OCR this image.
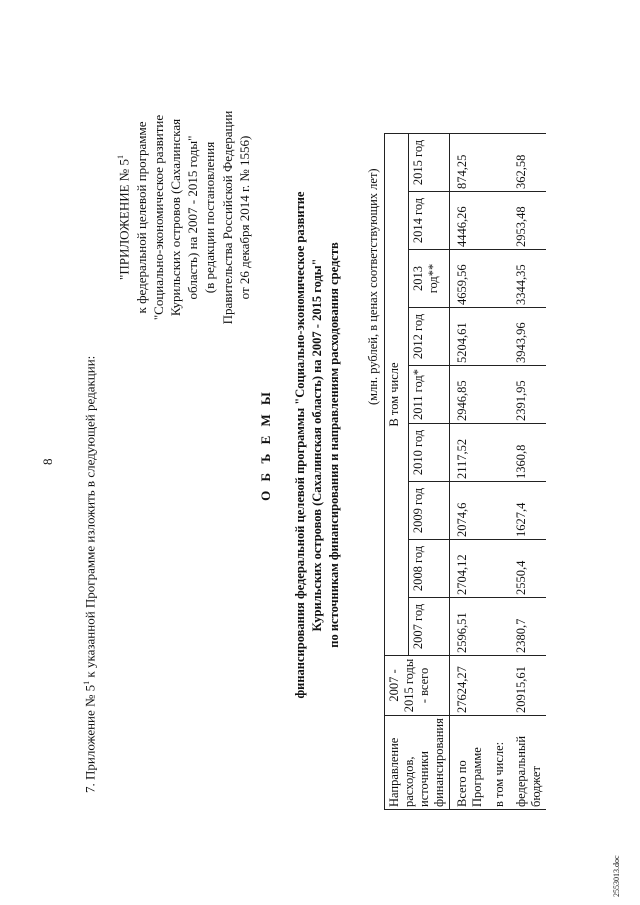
8
7. Приложение № $5^1$ к указанной Программе изложить в следующей редакции:
"ПРИЛОЖЕНИЕ № $5^1$ к федеральной целевой программе "Социально-экономическое развитие Курильских островов (Сахалинская область) на 2007 - 2015 годы" (в редакции постановления Правительства Российской Федерации от 26 декабря 2014 г. № 1556)
О Б Ъ Е М Ы финансирования федеральной целевой программы "Социально-экономическое развитие Курильских островов (Сахалинская область) на 2007 - 2015 годы" по источникам финансирования и направлениям расходования средств (млн. рублей, в ценах соответствующих лет)
Направление расходов, источники финансирования	2007 - 2015 годы - всего	В том числе								
		2007 год	2008 год	2009 год	2010 год	2011 год*	2012 год	2013 год**	2014 год	2015 год
Всего по Программе	27624,27	2596,51	2704,12	2074,6	2117,52	2946,85	5204,61	4659,56	4446,26	874,25
в том числе:										
федеральный бюджет	20915,61	2380,7	2550,4	1627,4	1360,8	2391,95	3943,96	3344,35	2953,48	362,58
2553013.doc
